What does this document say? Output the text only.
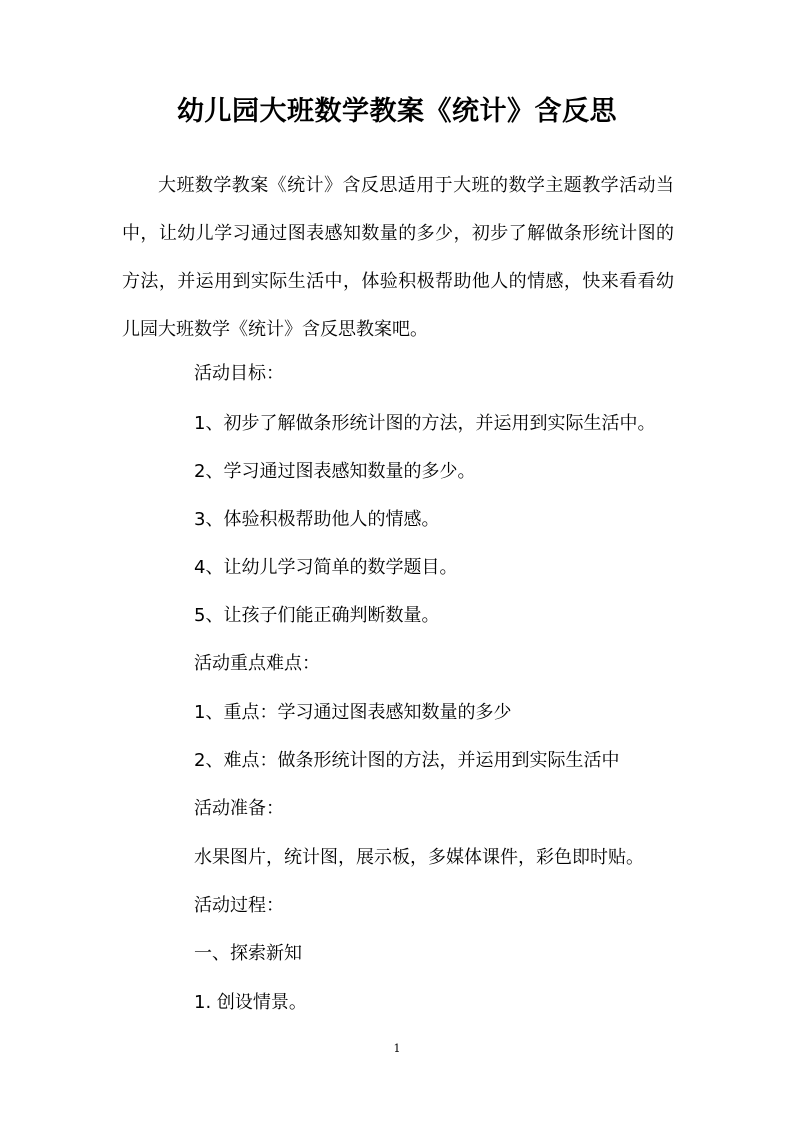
幼儿园大班数学教案《统计》含反思

大班数学教案《统计》含反思适用于大班的数学主题教学活动当中，让幼儿学习通过图表感知数量的多少，初步了解做条形统计图的方法，并运用到实际生活中，体验积极帮助他人的情感，快来看看幼儿园大班数学《统计》含反思教案吧。

活动目标：

1、初步了解做条形统计图的方法，并运用到实际生活中。

2、学习通过图表感知数量的多少。

3、体验积极帮助他人的情感。

4、让幼儿学习简单的数学题目。

5、让孩子们能正确判断数量。

活动重点难点：

1、重点：学习通过图表感知数量的多少

2、难点：做条形统计图的方法，并运用到实际生活中

活动准备：

水果图片，统计图，展示板，多媒体课件，彩色即时贴。

活动过程：

一、探索新知

1. 创设情景。

1
